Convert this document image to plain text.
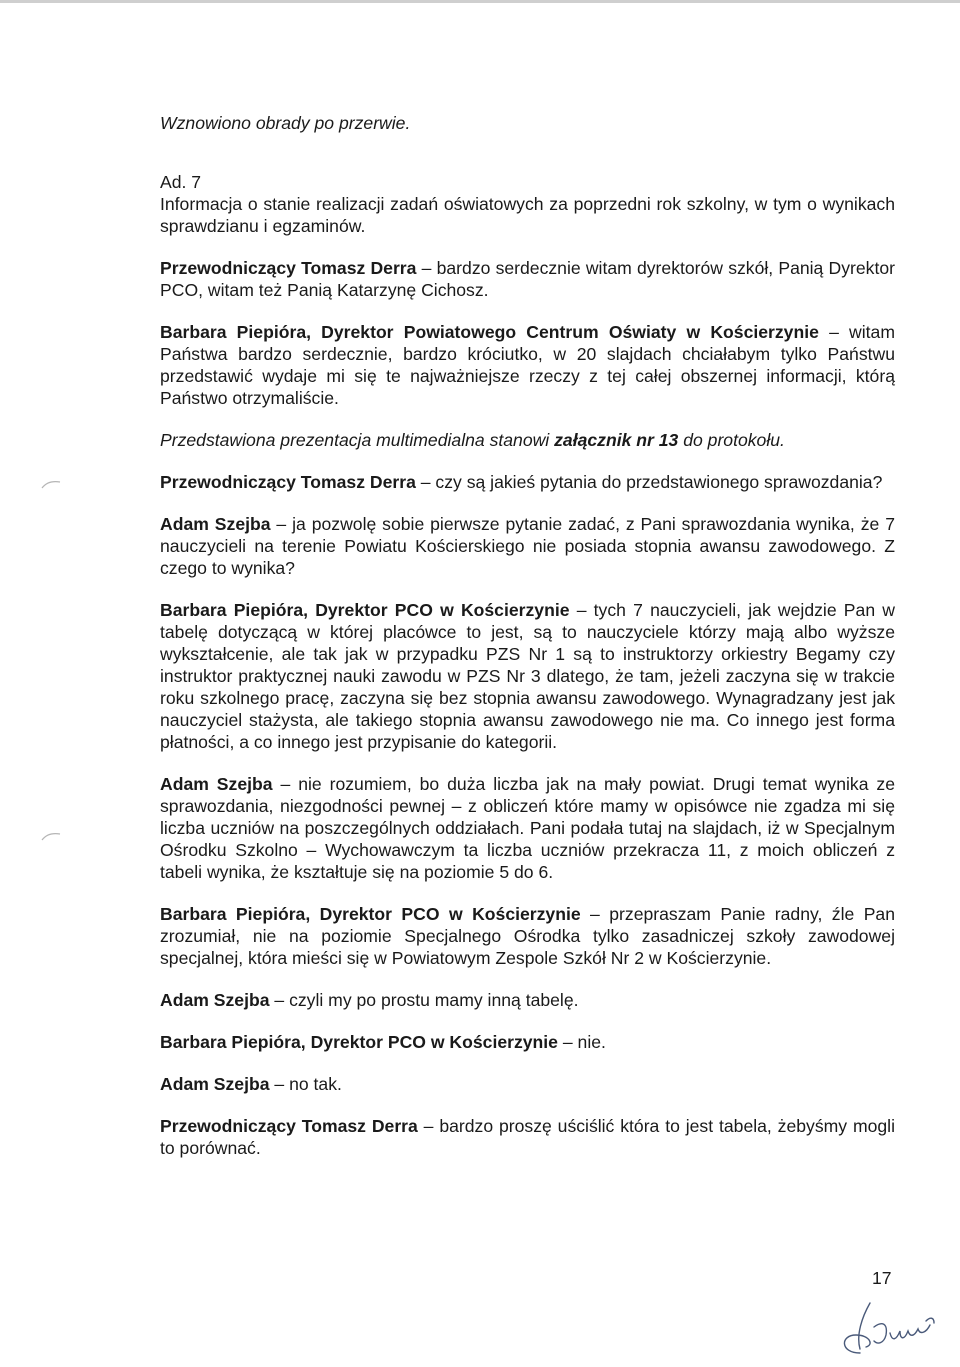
Wznowiono obrady po przerwie.

Ad. 7

Informacja o stanie realizacji zadań oświatowych za poprzedni rok szkolny, w tym o wynikach sprawdzianu i egzaminów.

Przewodniczący Tomasz Derra – bardzo serdecznie witam dyrektorów szkół, Panią Dyrektor PCO, witam też Panią Katarzynę Cichosz.

Barbara Piepióra, Dyrektor Powiatowego Centrum Oświaty w Kościerzynie – witam Państwa bardzo serdecznie, bardzo króciutko, w 20 slajdach chciałabym tylko Państwu przedstawić wydaje mi się te najważniejsze rzeczy z tej całej obszernej informacji, którą Państwo otrzymaliście.

Przedstawiona prezentacja multimedialna stanowi załącznik nr 13 do protokołu.

Przewodniczący Tomasz Derra – czy są jakieś pytania do przedstawionego sprawozdania?

Adam Szejba – ja pozwolę sobie pierwsze pytanie zadać, z Pani sprawozdania wynika, że 7 nauczycieli na terenie Powiatu Kościerskiego nie posiada stopnia awansu zawodowego. Z czego to wynika?

Barbara Piepióra, Dyrektor PCO w Kościerzynie – tych 7 nauczycieli, jak wejdzie Pan w tabelę dotyczącą w której placówce to jest, są to nauczyciele którzy mają albo wyższe wykształcenie, ale tak jak w przypadku PZS Nr 1 są to instruktorzy orkiestry Begamy czy instruktor praktycznej nauki zawodu w PZS Nr 3 dlatego, że tam, jeżeli zaczyna się w trakcie roku szkolnego pracę, zaczyna się bez stopnia awansu zawodowego. Wynagradzany jest jak nauczyciel stażysta, ale takiego stopnia awansu zawodowego nie ma. Co innego jest forma płatności, a co innego jest przypisanie do kategorii.

Adam Szejba – nie rozumiem, bo duża liczba jak na mały powiat. Drugi temat wynika ze sprawozdania, niezgodności pewnej – z obliczeń które mamy w opisówce nie zgadza mi się liczba uczniów na poszczególnych oddziałach. Pani podała tutaj na slajdach, iż w Specjalnym Ośrodku Szkolno – Wychowawczym ta liczba uczniów przekracza 11, z moich obliczeń z tabeli wynika, że kształtuje się na poziomie 5 do 6.

Barbara Piepióra, Dyrektor PCO w Kościerzynie – przepraszam Panie radny, źle Pan zrozumiał, nie na poziomie Specjalnego Ośrodka tylko zasadniczej szkoły zawodowej specjalnej, która mieści się w Powiatowym Zespole Szkół Nr 2 w Kościerzynie.

Adam Szejba – czyli my po prostu mamy inną tabelę.

Barbara Piepióra, Dyrektor PCO w Kościerzynie – nie.

Adam Szejba – no tak.

Przewodniczący Tomasz Derra – bardzo proszę uściślić która to jest tabela, żebyśmy mogli to porównać.

17
